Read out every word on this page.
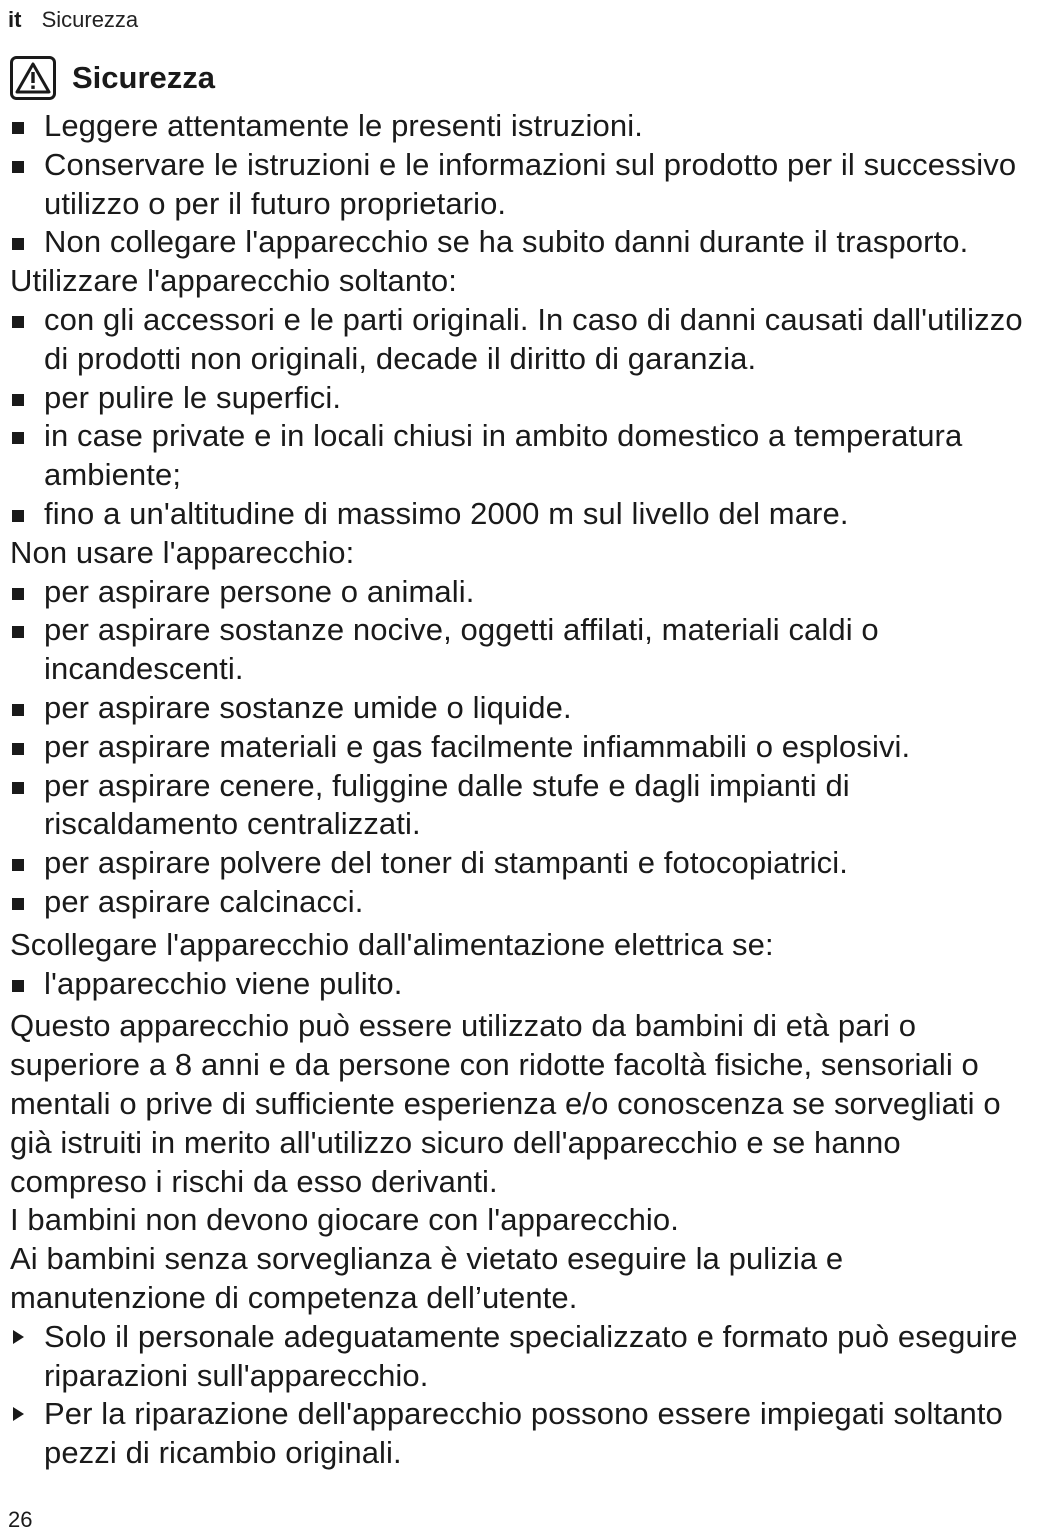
it Sicurezza
Sicurezza
Leggere attentamente le presenti istruzioni.
Conservare le istruzioni e le informazioni sul prodotto per il successivo utilizzo o per il futuro proprietario.
Non collegare l'apparecchio se ha subito danni durante il trasporto.

Utilizzare l'apparecchio soltanto:

con gli accessori e le parti originali. In caso di danni causati dall'utilizzo di prodotti non originali, decade il diritto di garanzia.
per pulire le superfici.
in case private e in locali chiusi in ambito domestico a temperatura ambiente;
fino a un'altitudine di massimo 2000 m sul livello del mare.

Non usare l'apparecchio:

per aspirare persone o animali.
per aspirare sostanze nocive, oggetti affilati, materiali caldi o incandescenti.
per aspirare sostanze umide o liquide.
per aspirare materiali e gas facilmente infiammabili o esplosivi.
per aspirare cenere, fuliggine dalle stufe e dagli impianti di riscaldamento centralizzati.
per aspirare polvere del toner di stampanti e fotocopiatrici.
per aspirare calcinacci.

Scollegare l'apparecchio dall'alimentazione elettrica se:

l'apparecchio viene pulito.

Questo apparecchio può essere utilizzato da bambini di età pari o superiore a 8 anni e da persone con ridotte facoltà fisiche, sensoriali o mentali o prive di sufficiente esperienza e/o conoscenza se sorvegliati o già istruiti in merito all'utilizzo sicuro dell'apparecchio e se hanno compreso i rischi da esso derivanti.

I bambini non devono giocare con l'apparecchio.

Ai bambini senza sorveglianza è vietato eseguire la pulizia e manutenzione di competenza dell’utente.

Solo il personale adeguatamente specializzato e formato può eseguire riparazioni sull'apparecchio.
Per la riparazione dell'apparecchio possono essere impiegati soltanto pezzi di ricambio originali.
26
